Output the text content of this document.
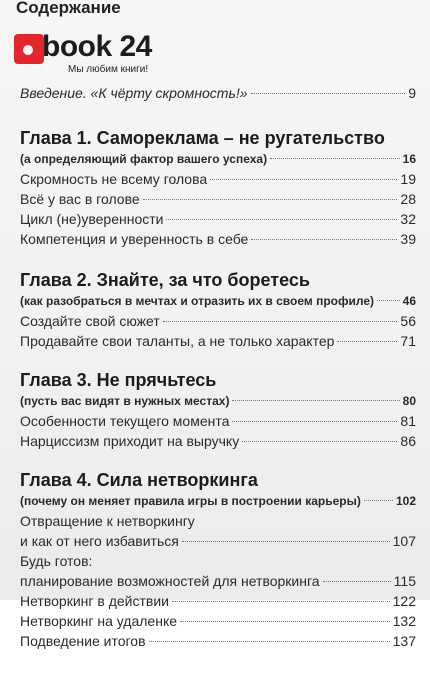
Содержание
book 24
Мы любим книги!
Введение. «К чёрту скромность!»	9
Глава 1. Самореклама – не ругательство
(а определяющий фактор вашего успеха)	16
Скромность не всему голова	19
Всё у вас в голове	28
Цикл (не)уверенности	32
Компетенция и уверенность в себе	39
Глава 2. Знайте, за что боретесь
(как разобраться в мечтах и отразить их в своем профиле) 46
Создайте свой сюжет	56
Продавайте свои таланты, а не только характер	71
Глава 3. Не прячьтесь
(пусть вас видят в нужных местах)	80
Особенности текущего момента	81
Нарциссизм приходит на выручку	86
Глава 4. Сила нетворкинга
(почему он меняет правила игры в построении карьеры)	102
Отвращение к нетворкингу
и как от него избавиться	107
Будь готов:
планирование возможностей для нетворкинга	115
Нетворкинг в действии	122
Нетворкинг на удаленке	132
Подведение итогов	137
